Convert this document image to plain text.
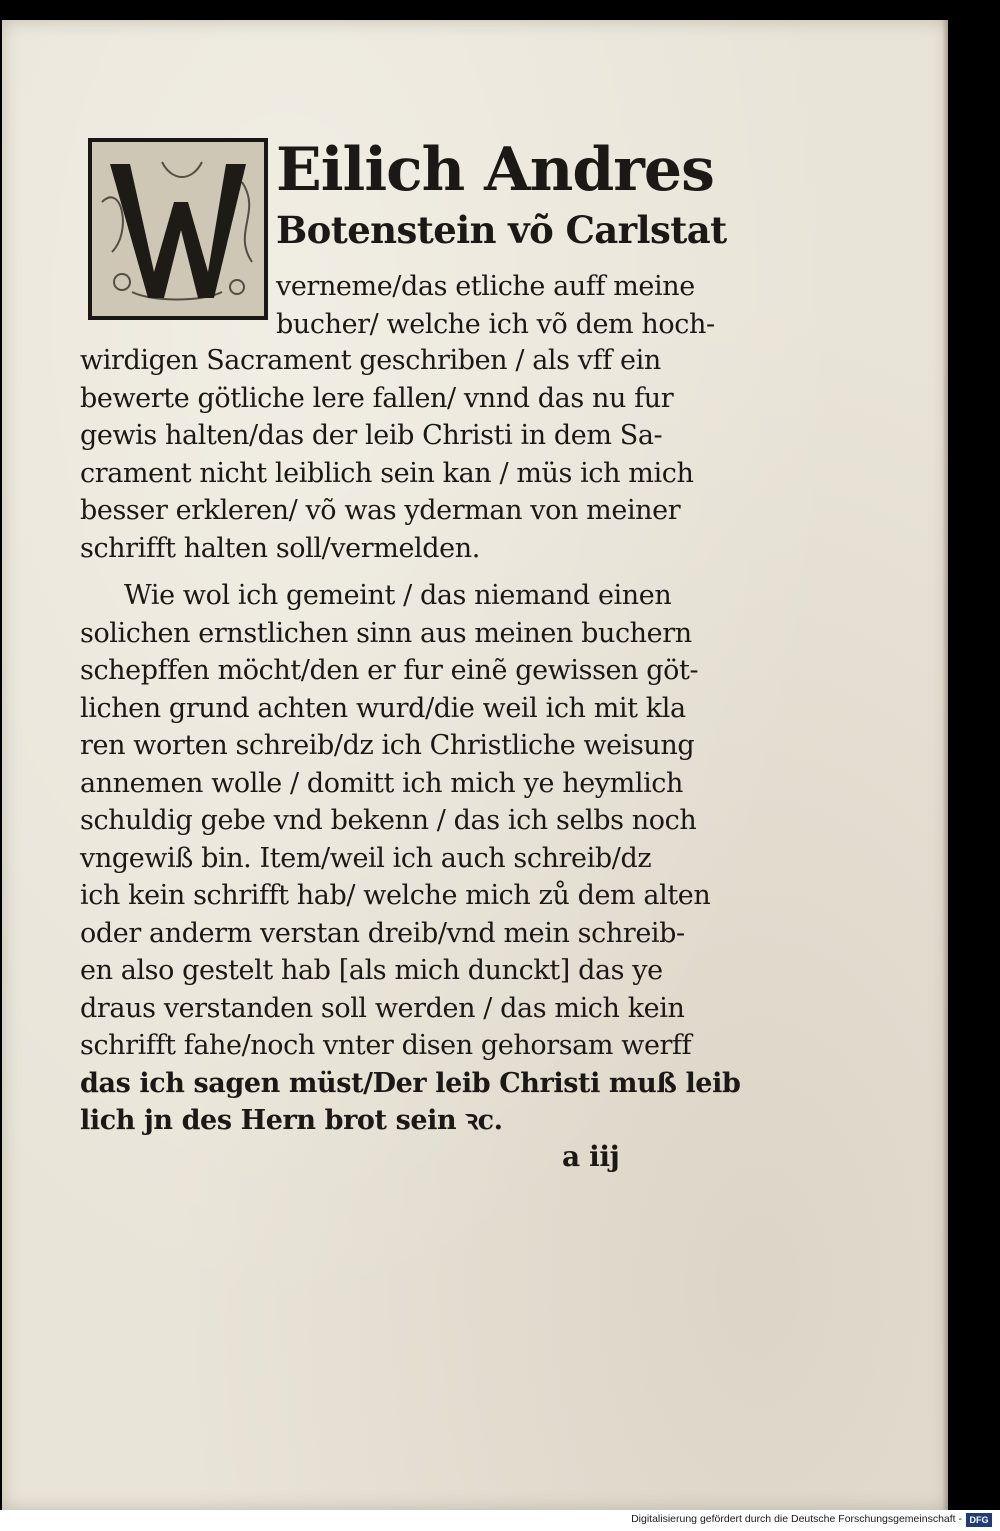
Eilich Andres
Botenstein võ Carlstat
verneme/das etliche auff meine
bucher/ welche ich võ dem hoch-
wirdigen Sacrament geschriben / als vff ein
bewerte götliche lere fallen/ vnnd das nu fur
gewis halten/das der leib Christi in dem Sa-
crament nicht leiblich sein kan / müs ich mich
besser erkleren/ võ was yderman von meiner
schrifft halten soll/vermelden.
Wie wol ich gemeint / das niemand einen
solichen ernstlichen sinn aus meinen buchern
schepffen möcht/den er fur einẽ gewissen göt-
lichen grund achten wurd/die weil ich mit kla
ren worten schreib/dz ich Christliche weisung
annemen wolle / domitt ich mich ye heymlich
schuldig gebe vnd bekenn / das ich selbs noch
vngewiß bin. Item/weil ich auch schreib/dz
ich kein schrifft hab/ welche mich zů dem alten
oder anderm verstan dreib/vnd mein schreib-
en also gestelt hab [als mich dunckt] das ye
draus verstanden soll werden / das mich kein
schrifft fahe/noch vnter disen gehorsam werff
das ich sagen müst/Der leib Christi muß leib
lich jn des Hern brot sein ꝛc.
a iij
Digitalisierung gefördert durch die Deutsche Forschungsgemeinschaft - DFG
